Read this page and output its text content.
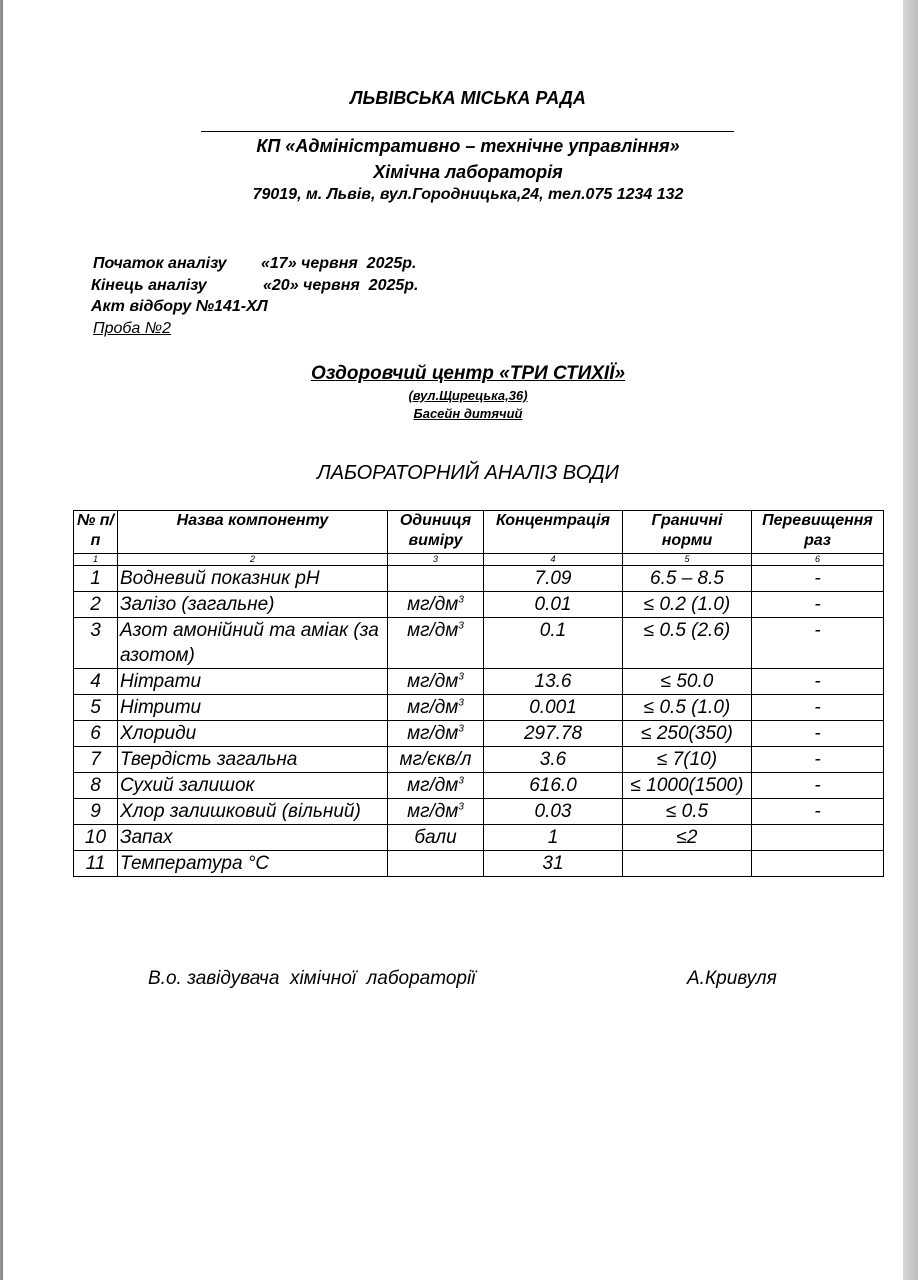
ЛЬВІВСЬКА МІСЬКА РАДА
КП «Адміністративно – технічне управління»
Хімічна лабораторія
79019, м. Львів, вул.Городницька,24, тел.075 1234 132
Початок аналізу «17» червня  2025р.
Кінець аналізу	«20» червня  2025р.
Акт відбору №141-ХЛ
Проба №2
Оздоровчий центр «ТРИ СТИХІЇ»
(вул.Щирецька,36)
Басейн дитячий
ЛАБОРАТОРНИЙ АНАЛІЗ ВОДИ
№ п/п	Назва компоненту	Одиниця виміру	Концентрація	Граничні норми	Перевищення раз
1	2	3	4	5	6
1	Водневий показник рН		7.09	6.5 – 8.5	-
2	Залізо (загальне)	$мг/дм^3$	0.01	≤ 0.2 (1.0)	-
3	Азот амонійний та аміак (за азотом)	$мг/дм^3$	0.1	≤ 0.5 (2.6)	-
4	Нітрати	$мг/дм^3$	13.6	≤ 50.0	-
5	Нітрити	$мг/дм^3$	0.001	≤ 0.5 (1.0)	-
6	Хлориди	$мг/дм^3$	297.78	≤ 250(350)	-
7	Твердість загальна	мг/єкв/л	3.6	≤ 7(10)	-
8	Сухий залишок	$мг/дм^3$	616.0	≤ 1000(1500)	-
9	Хлор залишковий (вільний)	$мг/дм^3$	0.03	≤ 0.5	-
10	Запах	бали	1	≤2	
11	Температура °С		31		
В.о. завідувача  хімічної  лабораторії	А.Кривуля
